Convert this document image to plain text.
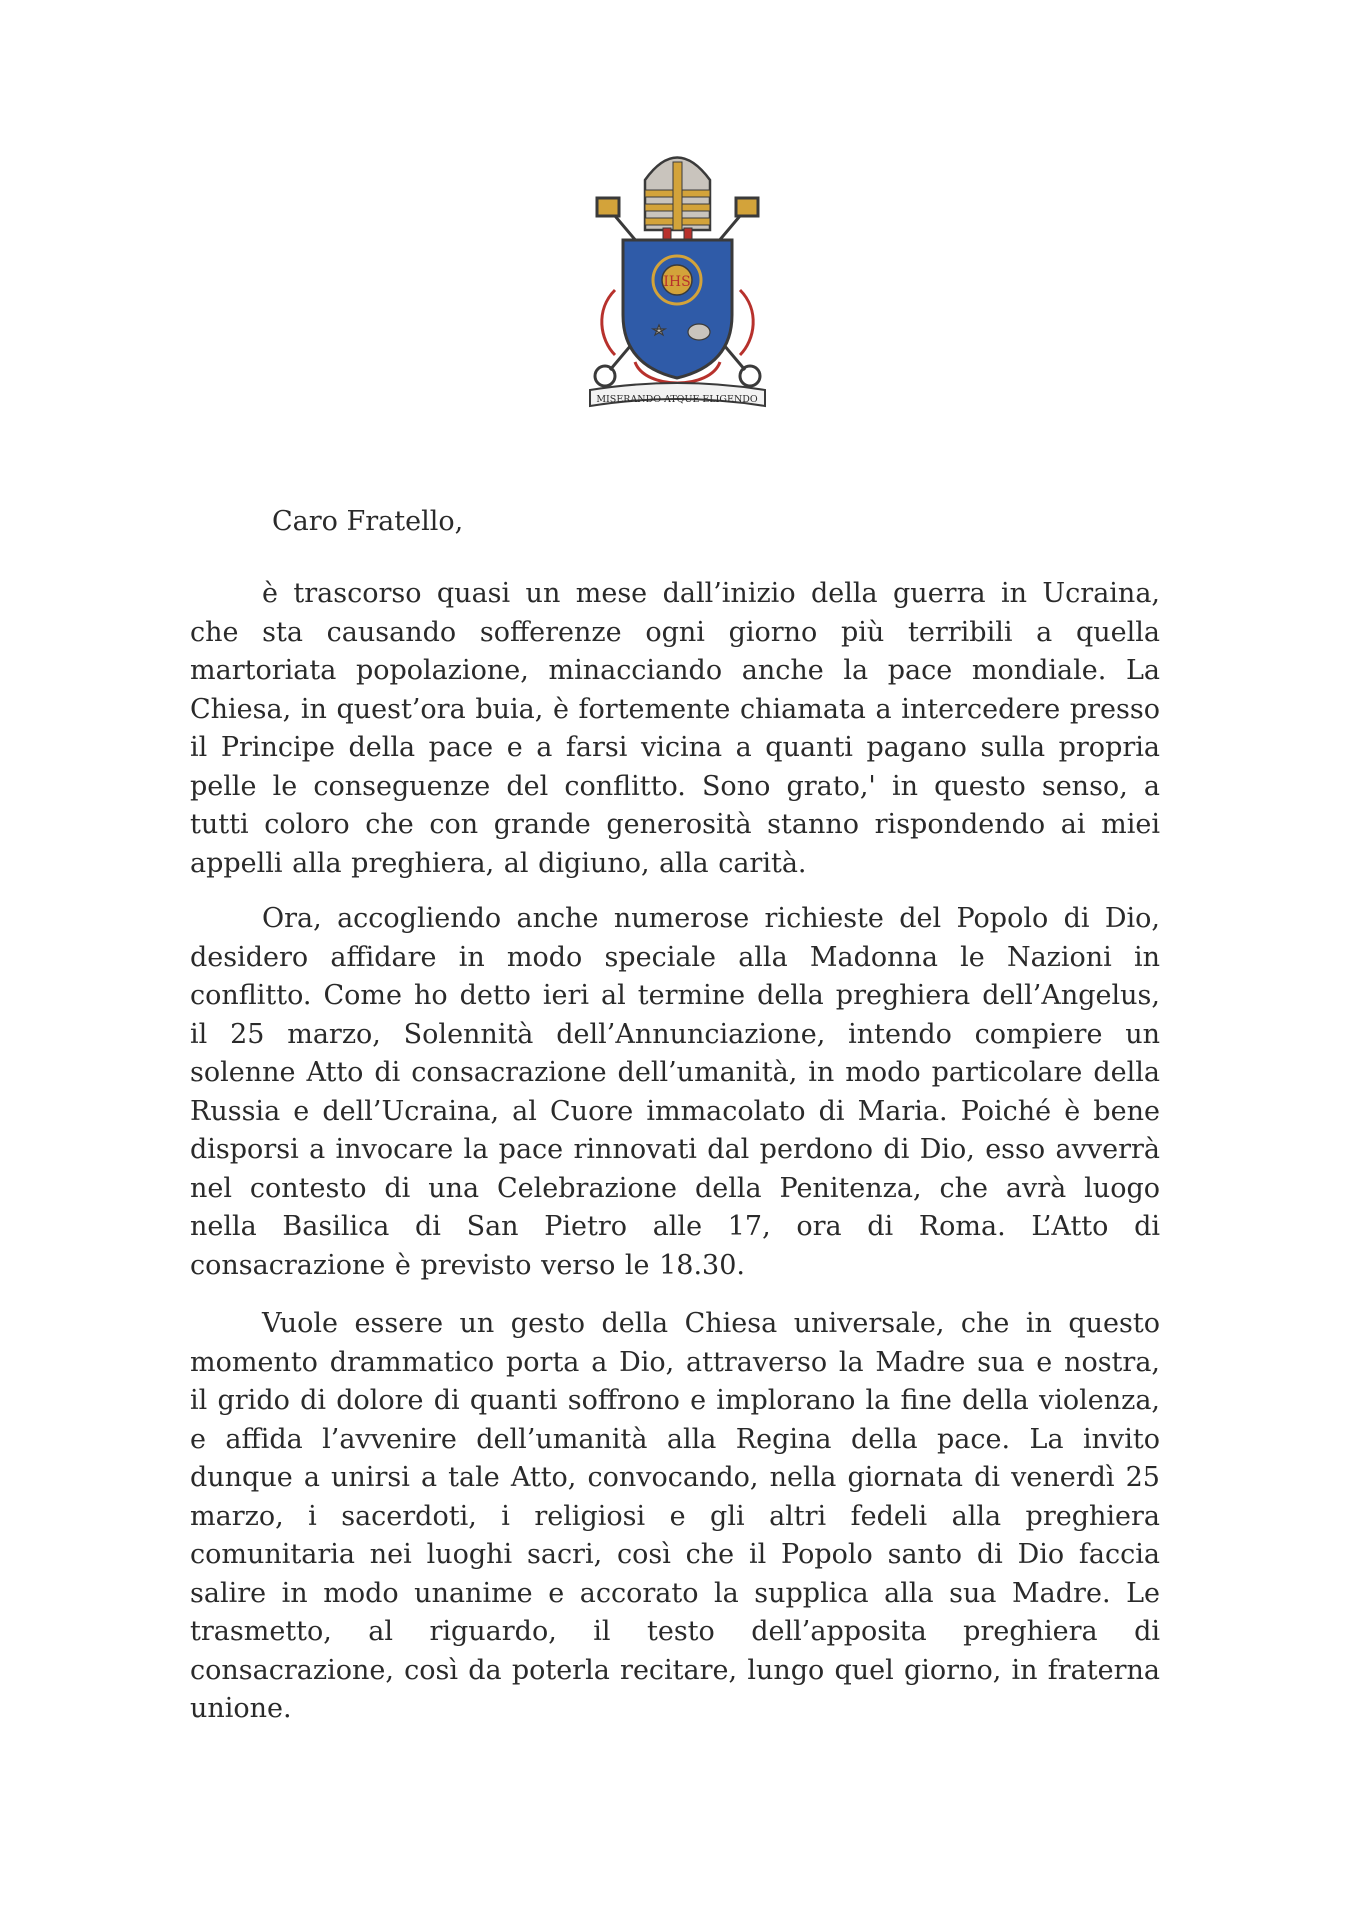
IHS
MISERANDO ATQUE ELIGENDO

Caro Fratello,

è trascorso quasi un mese dall’inizio della guerra in Ucraina, che sta causando sofferenze ogni giorno più terribili a quella martoriata popolazione, minacciando anche la pace mondiale. La Chiesa, in quest’ora buia, è fortemente chiamata a intercedere presso il Principe della pace e a farsi vicina a quanti pagano sulla propria pelle le conseguenze del conflitto. Sono grato,' in questo senso, a tutti coloro che con grande generosità stanno rispondendo ai miei appelli alla preghiera, al digiuno, alla carità.

Ora, accogliendo anche numerose richieste del Popolo di Dio, desidero affidare in modo speciale alla Madonna le Nazioni in conflitto. Come ho detto ieri al termine della preghiera dell’Angelus, il 25 marzo, Solennità dell’Annunciazione, intendo compiere un solenne Atto di consacrazione dell’umanità, in modo particolare della Russia e dell’Ucraina, al Cuore immacolato di Maria. Poiché è bene disporsi a invocare la pace rinnovati dal perdono di Dio, esso avverrà nel contesto di una Celebrazione della Penitenza, che avrà luogo nella Basilica di San Pietro alle 17, ora di Roma. L’Atto di consacrazione è previsto verso le 18.30.

Vuole essere un gesto della Chiesa universale, che in questo momento drammatico porta a Dio, attraverso la Madre sua e nostra, il grido di dolore di quanti soffrono e implorano la fine della violenza, e affida l’avvenire dell’umanità alla Regina della pace. La invito dunque a unirsi a tale Atto, convocando, nella giornata di venerdì 25 marzo, i sacerdoti, i religiosi e gli altri fedeli alla preghiera comunitaria nei luoghi sacri, così che il Popolo santo di Dio faccia salire in modo unanime e accorato la supplica alla sua Madre. Le trasmetto, al riguardo, il testo dell’apposita preghiera di consacrazione, così da poterla recitare, lungo quel giorno, in fraterna unione.
